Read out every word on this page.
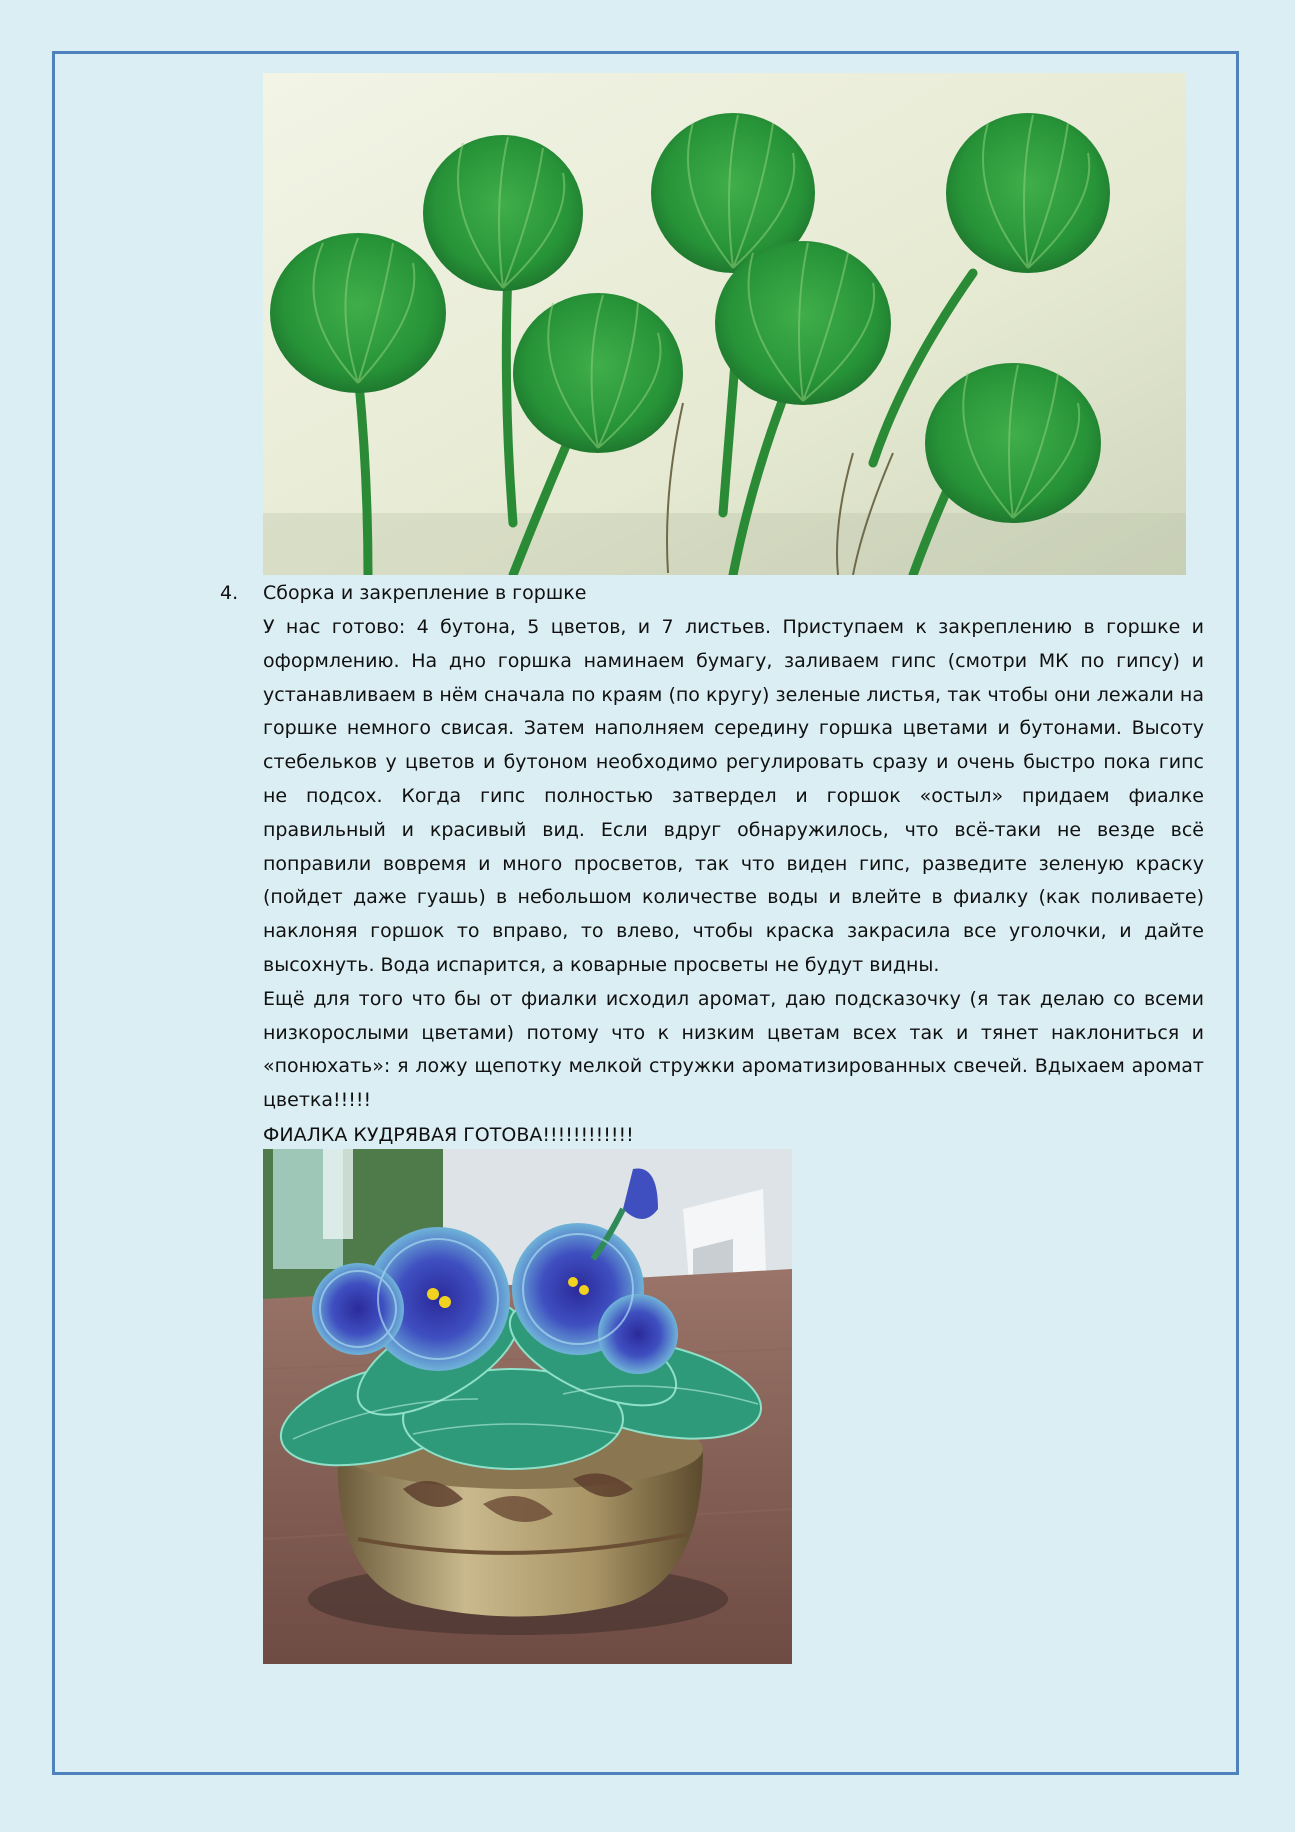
4.	Сборка и закрепление в горшке

У нас готово: 4 бутона, 5 цветов, и 7 листьев. Приступаем к закреплению в горшке и оформлению. На дно горшка наминаем бумагу, заливаем гипс (смотри МК по гипсу) и устанавливаем в нём сначала по краям (по кругу) зеленые листья, так чтобы они лежали на горшке немного свисая. Затем наполняем середину горшка цветами и бутонами. Высоту стебельков у цветов и бутоном необходимо регулировать сразу и очень быстро пока гипс не подсох. Когда гипс полностью затвердел и горшок «остыл» придаем фиалке правильный и красивый вид. Если вдруг обнаружилось, что всё-таки не везде всё поправили вовремя и много просветов, так что виден гипс, разведите зеленую краску (пойдет даже гуашь) в небольшом количестве воды и влейте в фиалку (как поливаете) наклоняя горшок то вправо, то влево, чтобы краска закрасила все уголочки, и дайте высохнуть. Вода испарится, а коварные просветы не будут видны.

Ещё для того что бы от фиалки исходил аромат, даю подсказочку (я так делаю со всеми низкорослыми цветами) потому что к низким цветам всех так и тянет наклониться и «понюхать»: я ложу щепотку мелкой стружки ароматизированных свечей. Вдыхаем аромат цветка!!!!!

ФИАЛКА КУДРЯВАЯ ГОТОВА!!!!!!!!!!!!
